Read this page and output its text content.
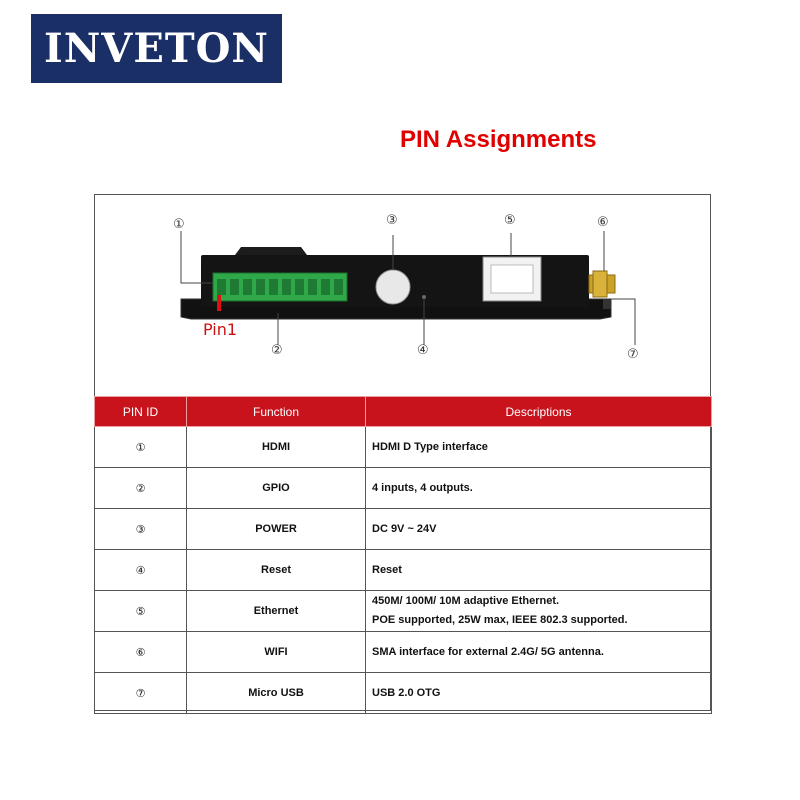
INVETON
PIN Assignments
①
②
③
④
⑤	⑥
⑦
Pin1
PIN ID	Function	Descriptions
①	HDMI	HDMI D Type interface

②	GPIO	4 inputs, 4 outputs.

③	POWER	DC 9V ~ 24V

④	Reset	Reset

⑤	Ethernet	450M/ 100M/ 10M adaptive Ethernet.
POE supported, 25W max, IEEE 802.3 supported.

⑥	WIFI	SMA interface for external 2.4G/ 5G antenna.

⑦	Micro USB	USB 2.0 OTG
